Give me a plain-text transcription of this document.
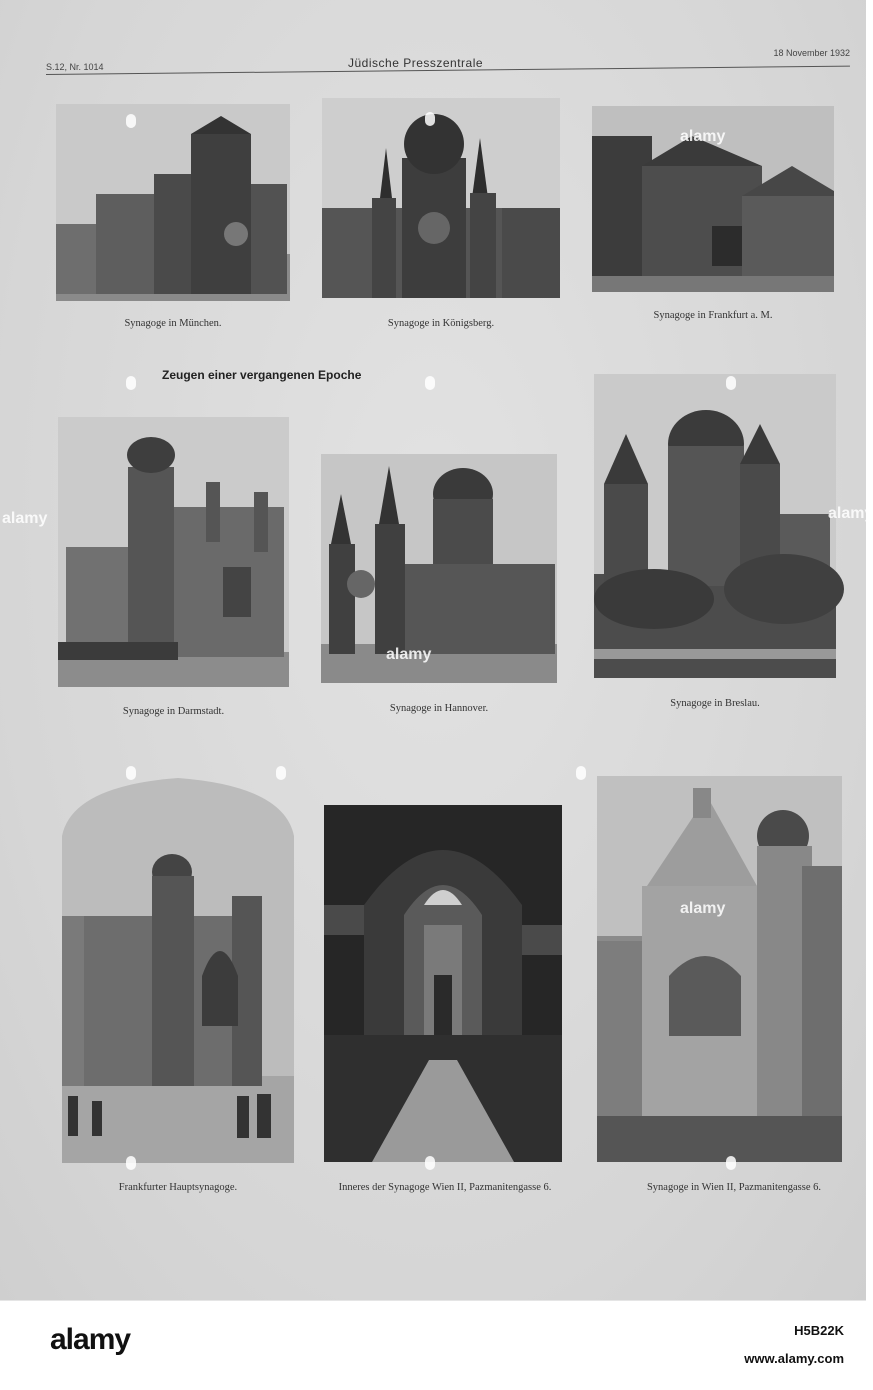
S.12, Nr. 1014	Jüdische Presszentrale
18 November 1932
Zeugen einer vergangenen Epoche
Synagoge in München.	Synagoge in Königsberg.
Synagoge in Frankfurt a. M.
Synagoge in Darmstadt.	Synagoge in Hannover.	Synagoge in Breslau.
Frankfurter Hauptsynagoge.	Inneres der Synagoge Wien II, Pazmanitengasse 6.	Synagoge in Wien II, Pazmanitengasse 6.
alamy
alamy
alamy
alamy	alamy
alamy	H5B22K
www.alamy.com
